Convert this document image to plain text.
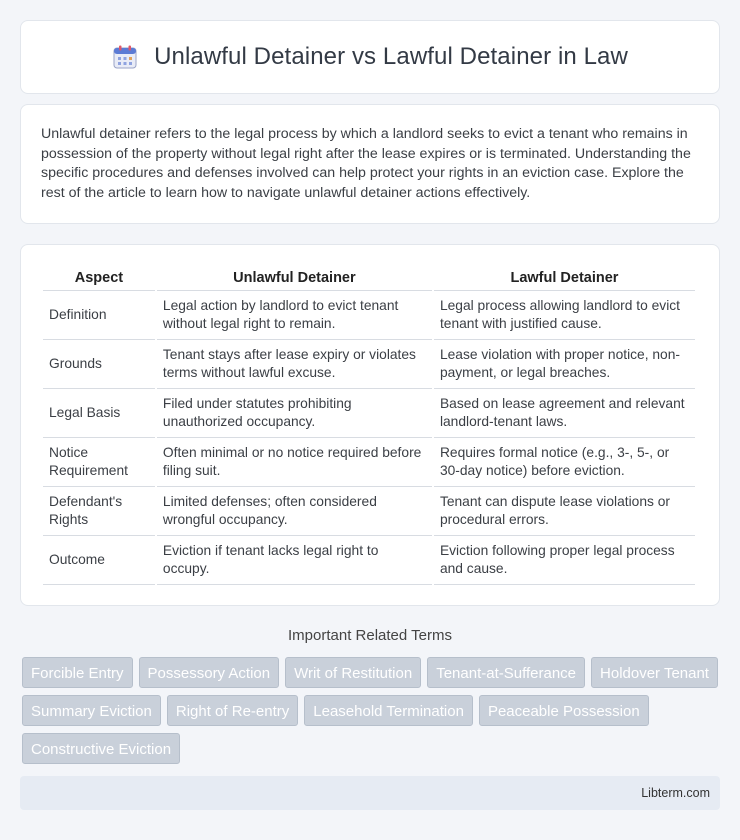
Unlawful Detainer vs Lawful Detainer in Law

Unlawful detainer refers to the legal process by which a landlord seeks to evict a tenant who remains in possession of the property without legal right after the lease expires or is terminated. Understanding the specific procedures and defenses involved can help protect your rights in an eviction case. Explore the rest of the article to learn how to navigate unlawful detainer actions effectively.

Aspect	Unlawful Detainer	Lawful Detainer
Definition	Legal action by landlord to evict tenant without legal right to remain.	Legal process allowing landlord to evict tenant with justified cause.
Grounds	Tenant stays after lease expiry or violates terms without lawful excuse.	Lease violation with proper notice, non-payment, or legal breaches.
Legal Basis	Filed under statutes prohibiting unauthorized occupancy.	Based on lease agreement and relevant landlord-tenant laws.
Notice Requirement	Often minimal or no notice required before filing suit.	Requires formal notice (e.g., 3-, 5-, or 30-day notice) before eviction.
Defendant's Rights	Limited defenses; often considered wrongful occupancy.	Tenant can dispute lease violations or procedural errors.
Outcome	Eviction if tenant lacks legal right to occupy.	Eviction following proper legal process and cause.
Important Related Terms
Forcible Entry	Possessory Action	Writ of Restitution	Tenant-at-Sufferance	Holdover Tenant
Summary Eviction	Right of Re-entry	Leasehold Termination	Peaceable Possession
Constructive Eviction
Libterm.com
